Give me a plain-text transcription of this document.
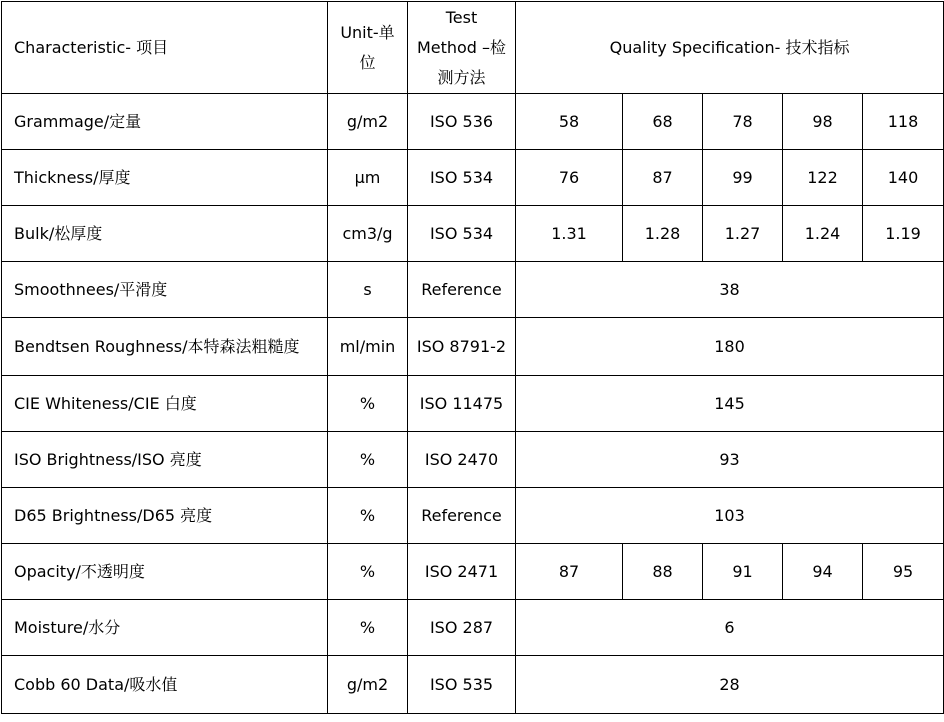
Characteristic- 项目	Unit-单位	Test Method –检测方法	Quality Specification- 技术指标				
Grammage/定量	g/m2	ISO 536	58	68	78	98	118
Thickness/厚度	μm	ISO 534	76	87	99	122	140
Bulk/松厚度	cm3/g	ISO 534	1.31	1.28	1.27	1.24	1.19
Smoothnees/平滑度	s	Reference	38				
Bendtsen Roughness/本特森法粗糙度	ml/min	ISO 8791-2	180				
CIE Whiteness/CIE 白度	%	ISO 11475	145				
ISO Brightness/ISO 亮度	%	ISO 2470	93				
D65 Brightness/D65 亮度	%	Reference	103				
Opacity/不透明度	%	ISO 2471	87	88	91	94	95
Moisture/水分	%	ISO 287	6				
Cobb 60 Data/吸水值	g/m2	ISO 535	28				
